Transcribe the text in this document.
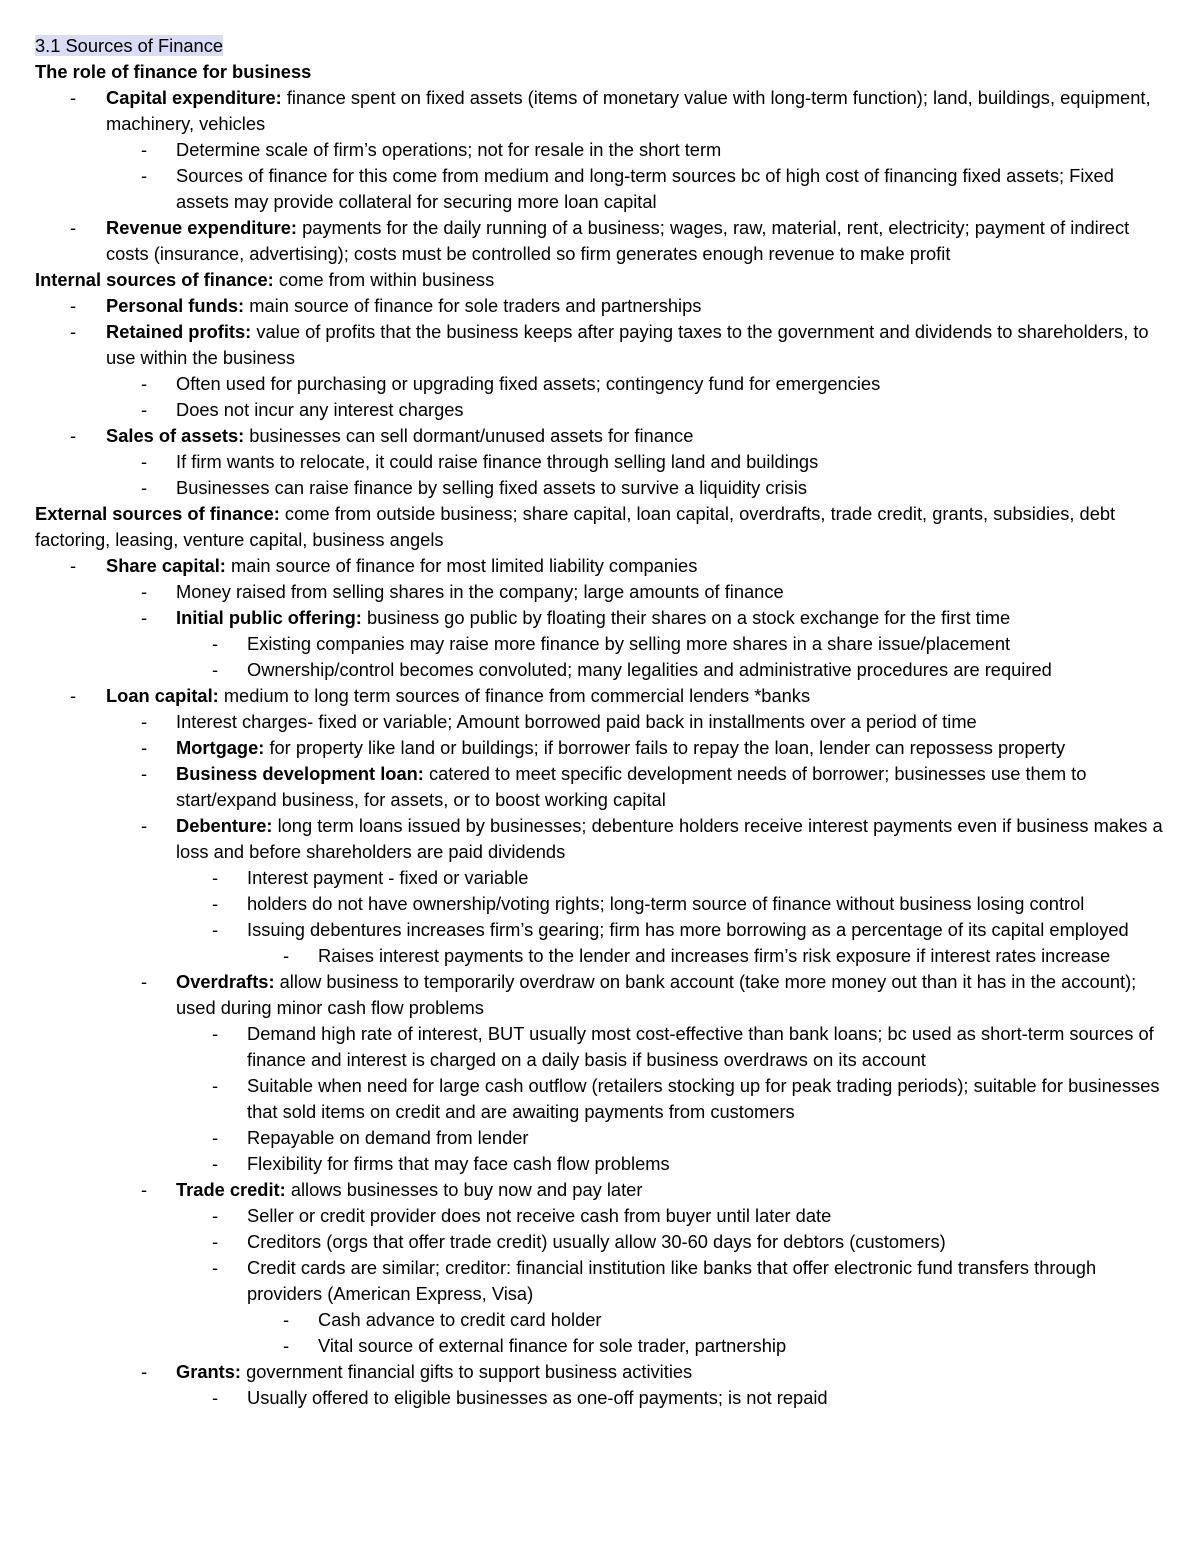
3.1 Sources of Finance
The role of finance for business
- Capital expenditure: finance spent on fixed assets (items of monetary value with long-term function); land, buildings, equipment, machinery, vehicles
- Determine scale of firm’s operations; not for resale in the short term
- Sources of finance for this come from medium and long-term sources bc of high cost of financing fixed assets; Fixed assets may provide collateral for securing more loan capital
- Revenue expenditure: payments for the daily running of a business; wages, raw, material, rent, electricity; payment of indirect costs (insurance, advertising); costs must be controlled so firm generates enough revenue to make profit
Internal sources of finance: come from within business
- Personal funds: main source of finance for sole traders and partnerships
- Retained profits: value of profits that the business keeps after paying taxes to the government and dividends to shareholders, to use within the business
- Often used for purchasing or upgrading fixed assets; contingency fund for emergencies
- Does not incur any interest charges
- Sales of assets: businesses can sell dormant/unused assets for finance
- If firm wants to relocate, it could raise finance through selling land and buildings
- Businesses can raise finance by selling fixed assets to survive a liquidity crisis
External sources of finance: come from outside business; share capital, loan capital, overdrafts, trade credit, grants, subsidies, debt factoring, leasing, venture capital, business angels
- Share capital: main source of finance for most limited liability companies
- Money raised from selling shares in the company; large amounts of finance
- Initial public offering: business go public by floating their shares on a stock exchange for the first time
- Existing companies may raise more finance by selling more shares in a share issue/placement
- Ownership/control becomes convoluted; many legalities and administrative procedures are required
- Loan capital: medium to long term sources of finance from commercial lenders *banks
- Interest charges- fixed or variable; Amount borrowed paid back in installments over a period of time
- Mortgage: for property like land or buildings; if borrower fails to repay the loan, lender can repossess property
- Business development loan: catered to meet specific development needs of borrower; businesses use them to start/expand business, for assets, or to boost working capital
- Debenture: long term loans issued by businesses; debenture holders receive interest payments even if business makes a loss and before shareholders are paid dividends
- Interest payment - fixed or variable
- holders do not have ownership/voting rights; long-term source of finance without business losing control
- Issuing debentures increases firm’s gearing; firm has more borrowing as a percentage of its capital employed
- Raises interest payments to the lender and increases firm’s risk exposure if interest rates increase
- Overdrafts: allow business to temporarily overdraw on bank account (take more money out than it has in the account); used during minor cash flow problems
- Demand high rate of interest, BUT usually most cost-effective than bank loans; bc used as short-term sources of finance and interest is charged on a daily basis if business overdraws on its account
- Suitable when need for large cash outflow (retailers stocking up for peak trading periods); suitable for businesses that sold items on credit and are awaiting payments from customers
- Repayable on demand from lender
- Flexibility for firms that may face cash flow problems
- Trade credit: allows businesses to buy now and pay later
- Seller or credit provider does not receive cash from buyer until later date
- Creditors (orgs that offer trade credit) usually allow 30-60 days for debtors (customers)
- Credit cards are similar; creditor: financial institution like banks that offer electronic fund transfers through providers (American Express, Visa)
- Cash advance to credit card holder
- Vital source of external finance for sole trader, partnership
- Grants: government financial gifts to support business activities
- Usually offered to eligible businesses as one-off payments; is not repaid
